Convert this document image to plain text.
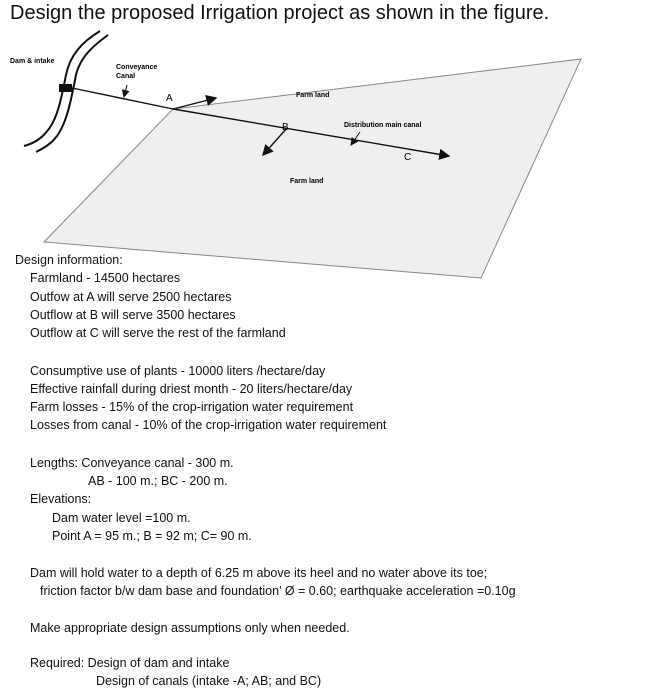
Design the proposed Irrigation project as shown in the figure.
Dam & intake
Conveyance
Canal
A
B
C
Farm land
Farm land
Distribution main canal
Design information:
Farmland - 14500 hectares
Outfow at A will serve 2500 hectares
Outflow at B will serve 3500 hectares
Outflow at C will serve the rest of the farmland
Consumptive use of plants - 10000 liters /hectare/day
Effective rainfall during driest month - 20 liters/hectare/day
Farm losses - 15% of the crop-irrigation water requirement
Losses from canal - 10% of the crop-irrigation water requirement
Lengths: Conveyance canal - 300 m.
AB - 100 m.; BC - 200 m.
Elevations:
Dam water level =100 m.
Point A = 95 m.; B = 92 m; C= 90 m.
Dam will hold water to a depth of 6.25 m above its heel and no water above its toe;
friction factor b/w dam base and foundation’ Ø = 0.60; earthquake acceleration =0.10g
Make appropriate design assumptions only when needed.
Required: Design of dam and intake
Design of canals (intake -A; AB; and BC)
